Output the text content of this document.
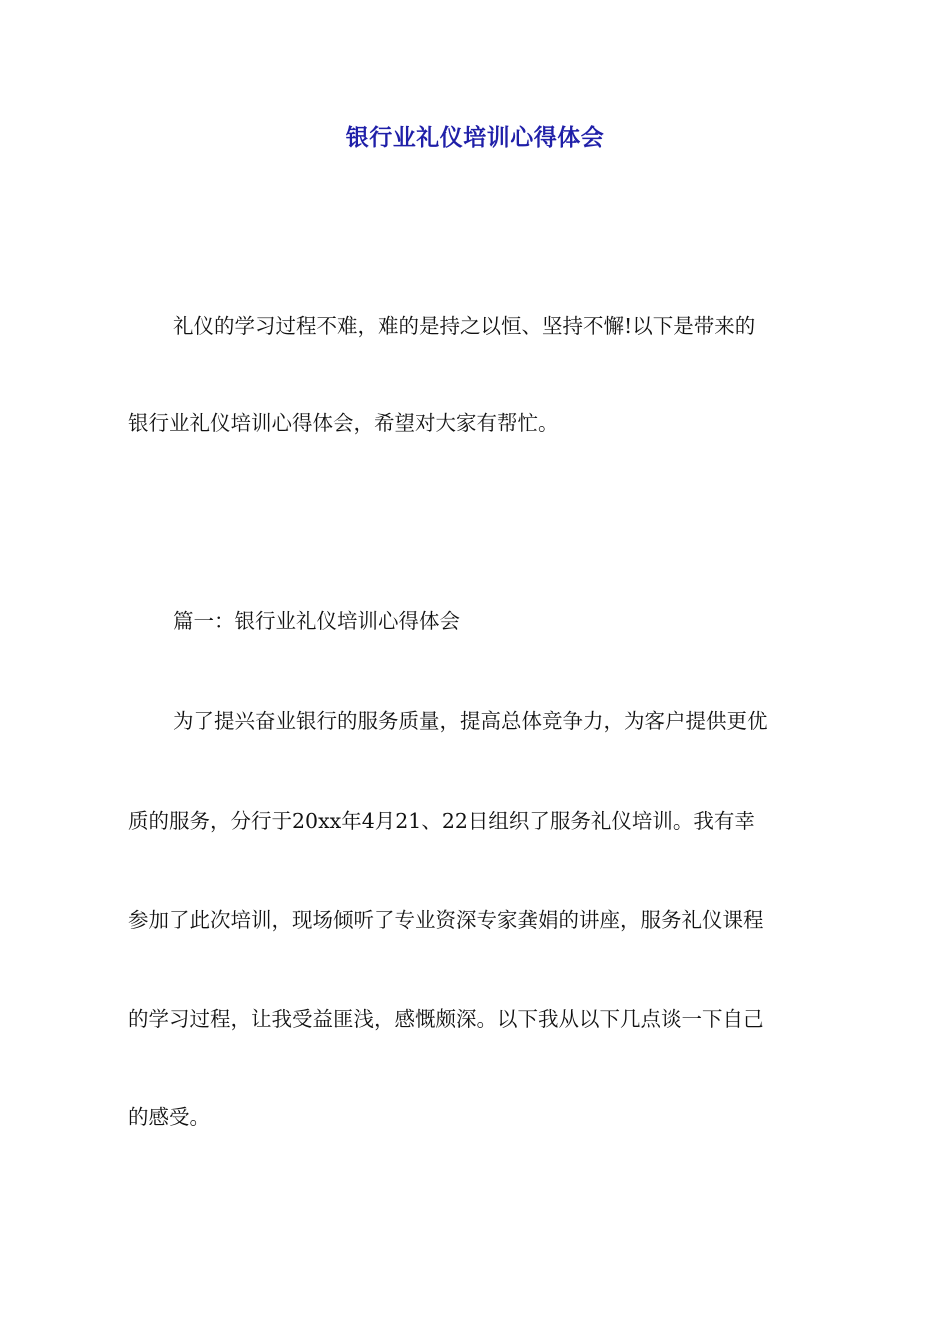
银行业礼仪培训心得体会
礼仪的学习过程不难，难的是持之以恒、坚持不懈!以下是带来的
银行业礼仪培训心得体会，希望对大家有帮忙。
篇一：银行业礼仪培训心得体会
为了提兴奋业银行的服务质量，提高总体竞争力，为客户提供更优
质的服务，分行于20xx年4月21、22日组织了服务礼仪培训。我有幸
参加了此次培训，现场倾听了专业资深专家龚娟的讲座，服务礼仪课程
的学习过程，让我受益匪浅，感慨颇深。以下我从以下几点谈一下自己
的感受。
